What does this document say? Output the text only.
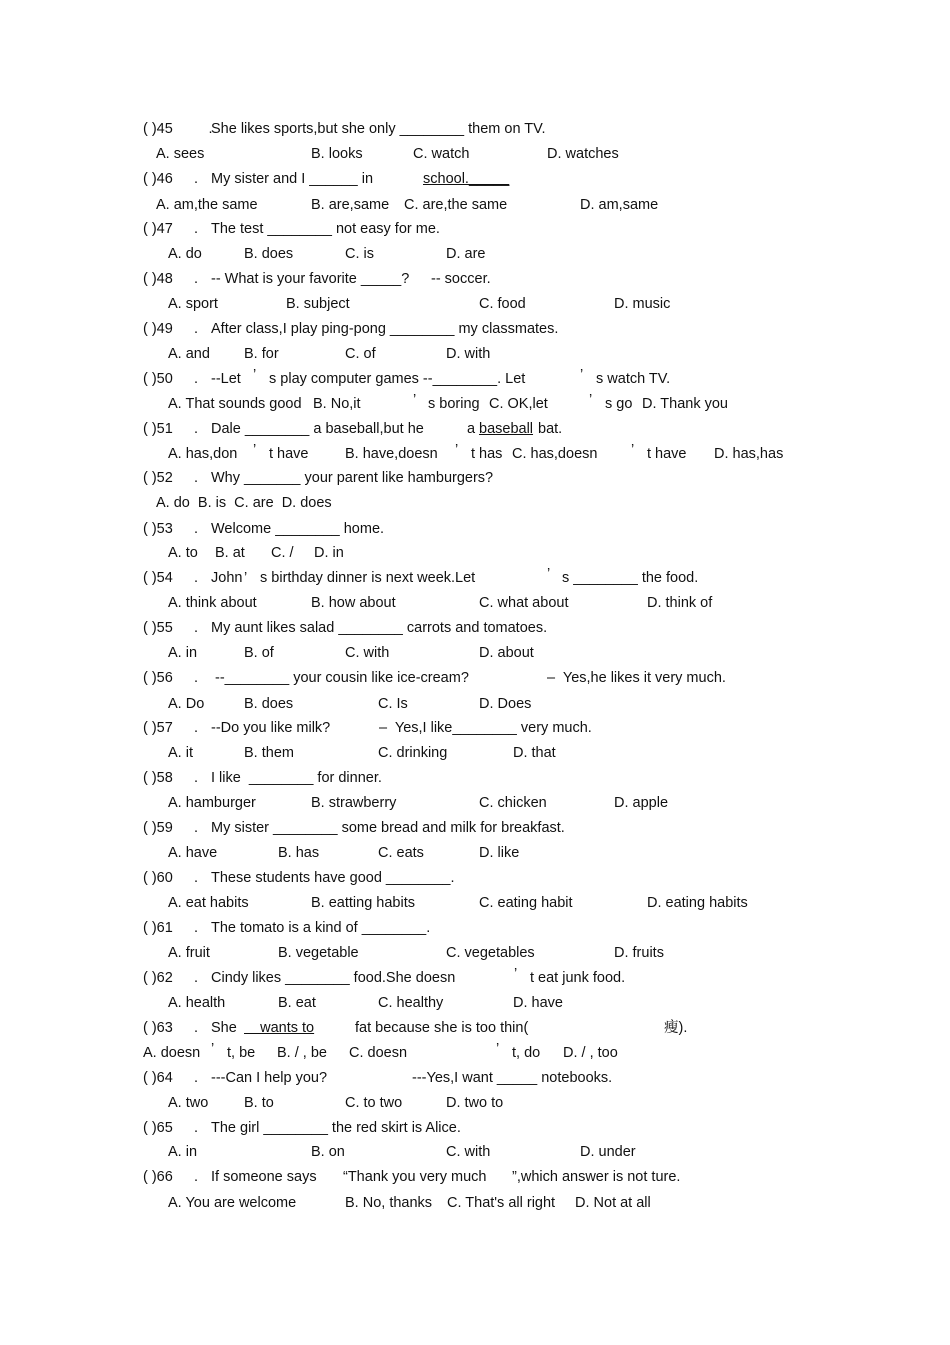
( )45 　.
She likes sports,but she only ________ them on TV.
A. sees	B. looks	C. watch	D. watches
( )46 . My sister and I ______ in	school._____
A. am,the same	B. are,same C. are,the same	D. am,same
( )47 . The test ________ not easy for me.
A. do	B. does	C. is	D. are
( )48 . -- What is your favorite _____? -- soccer.
A. sport	B. subject	C. food	D. music
( )49 . After class,I play ping-pong ________ my classmates.
A. and B. for	C. of	D. with
( )50 . --Let ’ s play computer games --________. Let	’ s watch TV.
A. That sounds good B. No,it	’ s boring C. OK,let	’ s go D. Thank you
( )51 . Dale ________ a baseball,but he	a baseball bat.
A. has,don ’ t have	B. have,doesn ’ t has C. has,doesn ’ t have D. has,has
( )52 . Why _______ your parent like hamburgers?
A. do  B. is  C. are  D. does
( )53 . Welcome ________ home.
A. to B. at C. / D. in
( )54 . John ’ s birthday dinner is next week.Let	’ s ________ the food.
A. think about	B. how about	C. what about	D. think of
( )55 . My aunt likes salad ________ carrots and tomatoes.
A. in	B. of	C. with	D. about
( )56 . --________ your cousin like ice-cream?	–  Yes,he likes it very much.
A. Do	B. does	C. Is	D. Does
( )57 . --Do you like milk?	–  Yes,I like________ very much.
A. it	B. them	C. drinking	D. that
( )58 . I like  ________ for dinner.
A. hamburger	B. strawberry	C. chicken	D. apple
( )59 . My sister ________ some bread and milk for breakfast.
A. have	B. has	C. eats	D. like
( )60 . These students have good ________.
A. eat habits	B. eatting habits	C. eating habit	D. eating habits
( )61 . The tomato is a kind of ________.
A. fruit	B. vegetable	C. vegetables	D. fruits
( )62 . Cindy likes ________ food.She doesn	’ t eat junk food.
A. health	B. eat	C. healthy	D. have
( )63 . She wants to	fat because she is too thin(	瘦).
A. doesn ’ t, be B. / , be C. doesn	’ t, do D. / , too
( )64 . ---Can I help you?	---Yes,I want _____ notebooks.
A. two B. to	C. to two	D. two to
( )65 . The girl ________ the red skirt is Alice.
A. in	B. on	C. with	D. under
( )66 . If someone says “Thank you very much ”,which answer is not ture.
A. You are welcome	B. No, thanks C. That's all right D. Not at all
